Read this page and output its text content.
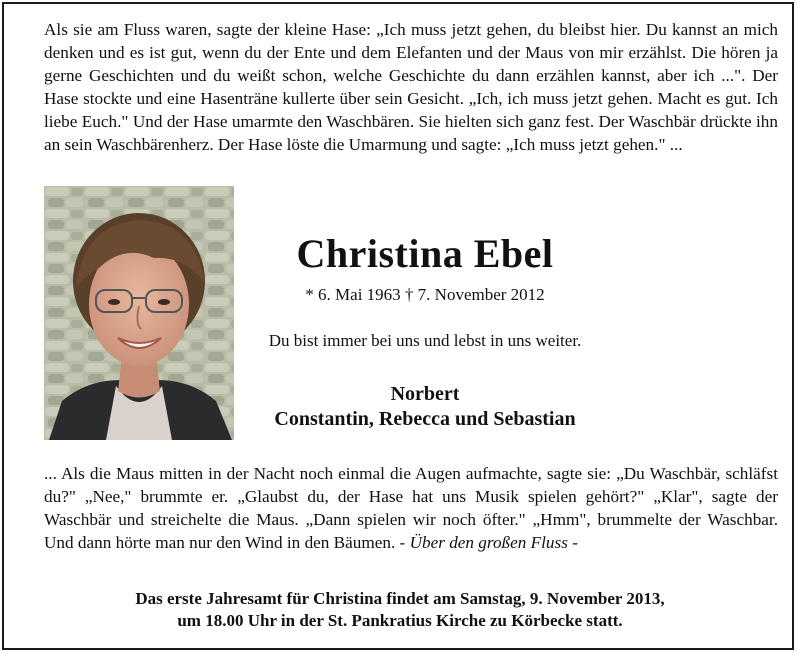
Als sie am Fluss waren, sagte der kleine Hase: „Ich muss jetzt gehen, du bleibst hier. Du kannst an mich denken und es ist gut, wenn du der Ente und dem Elefanten und der Maus von mir erzählst. Die hören ja gerne Geschichten und du weißt schon, welche Geschichte du dann erzählen kannst, aber ich ...". Der Hase stockte und eine Hasenträne kullerte über sein Gesicht. „Ich, ich muss jetzt gehen. Macht es gut. Ich liebe Euch." Und der Hase umarmte den Waschbären. Sie hielten sich ganz fest. Der Waschbär drückte ihn an sein Waschbärenherz. Der Hase löste die Umarmung und sagte: „Ich muss jetzt gehen." ...

Christina Ebel
* 6. Mai 1963 † 7. November 2012
Du bist immer bei uns und lebst in uns weiter.
Norbert
Constantin, Rebecca und Sebastian

... Als die Maus mitten in der Nacht noch einmal die Augen aufmachte, sagte sie: „Du Waschbär, schläfst du?" „Nee," brummte er. „Glaubst du, der Hase hat uns Musik spielen gehört?" „Klar", sagte der Waschbär und streichelte die Maus. „Dann spielen wir noch öfter." „Hmm", brummelte der Waschbar. Und dann hörte man nur den Wind in den Bäumen. - Über den großen Fluss -

Das erste Jahresamt für Christina findet am Samstag, 9. November 2013,
um 18.00 Uhr in der St. Pankratius Kirche zu Körbecke statt.
